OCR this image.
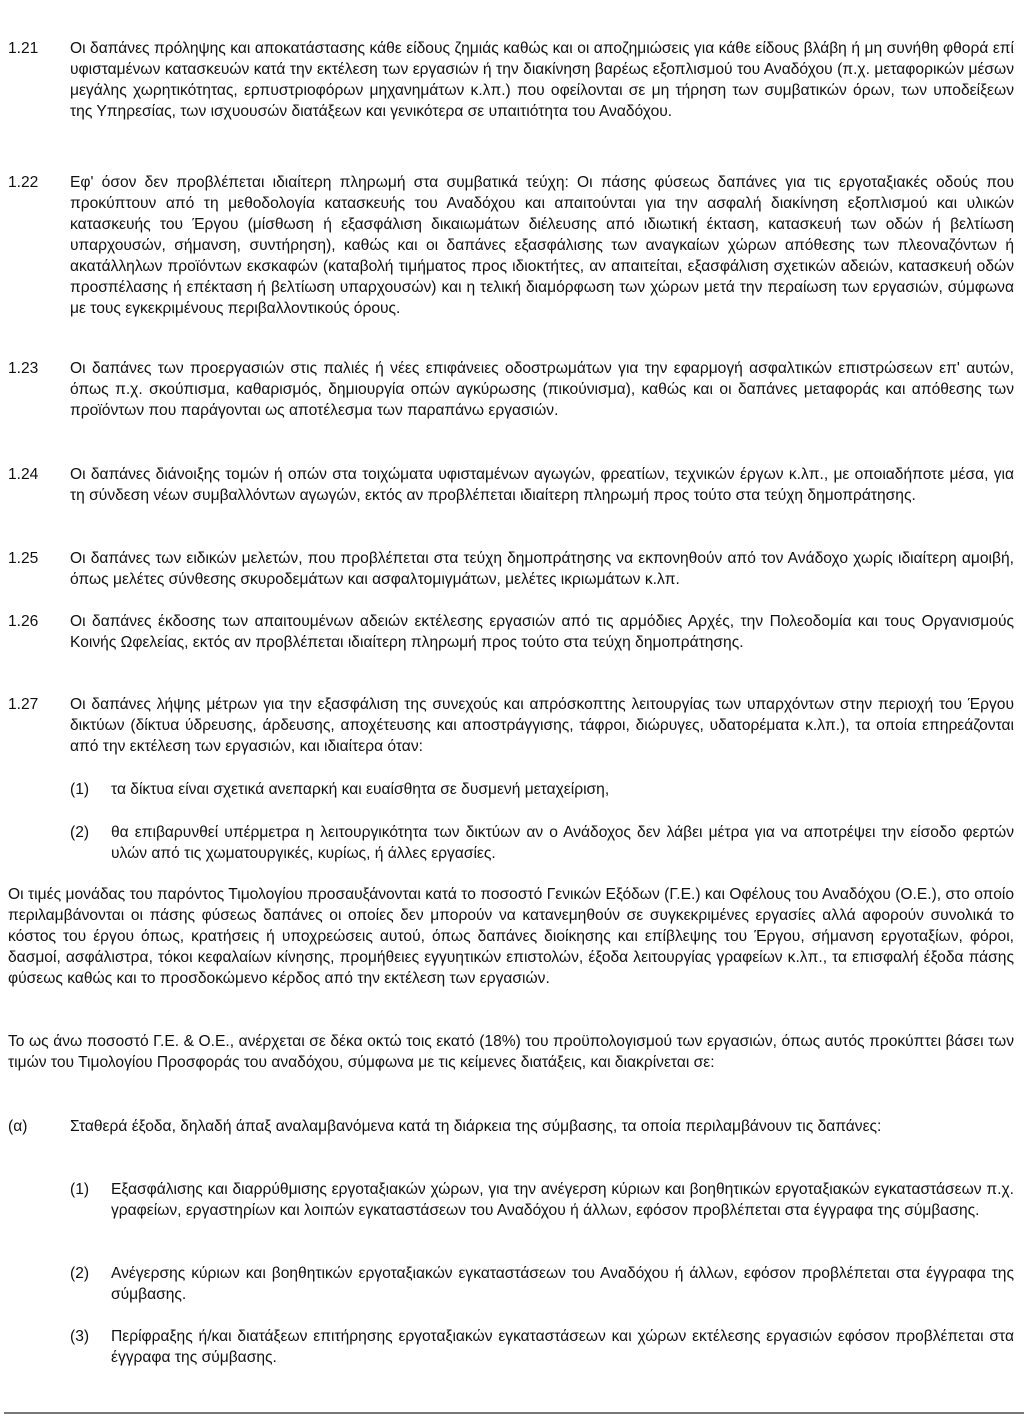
1.21 Οι δαπάνες πρόληψης και αποκατάστασης κάθε είδους ζημιάς καθώς και οι αποζημιώσεις για κάθε είδους βλάβη ή μη συνήθη φθορά επί υφισταμένων κατασκευών κατά την εκτέλεση των εργασιών ή την διακίνηση βαρέως εξοπλισμού του Αναδόχου (π.χ. μεταφορικών μέσων μεγάλης χωρητικότητας, ερπυστριοφόρων μηχανημάτων κ.λπ.) που οφείλονται σε μη τήρηση των συμβατικών όρων, των υποδείξεων της Υπηρεσίας, των ισχυουσών διατάξεων και γενικότερα σε υπαιτιότητα του Αναδόχου.
1.22 Εφ' όσον δεν προβλέπεται ιδιαίτερη πληρωμή στα συμβατικά τεύχη: Οι πάσης φύσεως δαπάνες για τις εργοταξιακές οδούς που προκύπτουν από τη μεθοδολογία κατασκευής του Αναδόχου και απαιτούνται για την ασφαλή διακίνηση εξοπλισμού και υλικών κατασκευής του Έργου (μίσθωση ή εξασφάλιση δικαιωμάτων διέλευσης από ιδιωτική έκταση, κατασκευή των οδών ή βελτίωση υπαρχουσών, σήμανση, συντήρηση), καθώς και οι δαπάνες εξασφάλισης των αναγκαίων χώρων απόθεσης των πλεοναζόντων ή ακατάλληλων προϊόντων εκσκαφών (καταβολή τιμήματος προς ιδιοκτήτες, αν απαιτείται, εξασφάλιση σχετικών αδειών, κατασκευή οδών προσπέλασης ή επέκταση ή βελτίωση υπαρχουσών) και η τελική διαμόρφωση των χώρων μετά την περαίωση των εργασιών, σύμφωνα με τους εγκεκριμένους περιβαλλοντικούς όρους.
1.23 Οι δαπάνες των προεργασιών στις παλιές ή νέες επιφάνειες οδοστρωμάτων για την εφαρμογή ασφαλτικών επιστρώσεων επ' αυτών, όπως π.χ. σκούπισμα, καθαρισμός, δημιουργία οπών αγκύρωσης (πικούνισμα), καθώς και οι δαπάνες μεταφοράς και απόθεσης των προϊόντων που παράγονται ως αποτέλεσμα των παραπάνω εργασιών.
1.24 Οι δαπάνες διάνοιξης τομών ή οπών στα τοιχώματα υφισταμένων αγωγών, φρεατίων, τεχνικών έργων κ.λπ., με οποιαδήποτε μέσα, για τη σύνδεση νέων συμβαλλόντων αγωγών, εκτός αν προβλέπεται ιδιαίτερη πληρωμή προς τούτο στα τεύχη δημοπράτησης.
1.25 Οι δαπάνες των ειδικών μελετών, που προβλέπεται στα τεύχη δημοπράτησης να εκπονηθούν από τον Ανάδοχο χωρίς ιδιαίτερη αμοιβή, όπως μελέτες σύνθεσης σκυροδεμάτων και ασφαλτομιγμάτων, μελέτες ικριωμάτων κ.λπ.
1.26 Οι δαπάνες έκδοσης των απαιτουμένων αδειών εκτέλεσης εργασιών από τις αρμόδιες Αρχές, την Πολεοδομία και τους Οργανισμούς Κοινής Ωφελείας, εκτός αν προβλέπεται ιδιαίτερη πληρωμή προς τούτο στα τεύχη δημοπράτησης.
1.27 Οι δαπάνες λήψης μέτρων για την εξασφάλιση της συνεχούς και απρόσκοπτης λειτουργίας των υπαρχόντων στην περιοχή του Έργου δικτύων (δίκτυα ύδρευσης, άρδευσης, αποχέτευσης και αποστράγγισης, τάφροι, διώρυγες, υδατορέματα κ.λπ.), τα οποία επηρεάζονται από την εκτέλεση των εργασιών, και ιδιαίτερα όταν:
(1) τα δίκτυα είναι σχετικά ανεπαρκή και ευαίσθητα σε δυσμενή μεταχείριση,
(2) θα επιβαρυνθεί υπέρμετρα η λειτουργικότητα των δικτύων αν ο Ανάδοχος δεν λάβει μέτρα για να αποτρέψει την είσοδο φερτών υλών από τις χωματουργικές, κυρίως, ή άλλες εργασίες.
Οι τιμές μονάδας του παρόντος Τιμολογίου προσαυξάνονται κατά το ποσοστό Γενικών Εξόδων (Γ.Ε.) και Οφέλους του Αναδόχου (Ο.Ε.), στο οποίο περιλαμβάνονται οι πάσης φύσεως δαπάνες οι οποίες δεν μπορούν να κατανεμηθούν σε συγκεκριμένες εργασίες αλλά αφορούν συνολικά το κόστος του έργου όπως, κρατήσεις ή υποχρεώσεις αυτού, όπως δαπάνες διοίκησης και επίβλεψης του Έργου, σήμανση εργοταξίων, φόροι, δασμοί, ασφάλιστρα, τόκοι κεφαλαίων κίνησης, προμήθειες εγγυητικών επιστολών, έξοδα λειτουργίας γραφείων κ.λπ., τα επισφαλή έξοδα πάσης φύσεως καθώς και το προσδοκώμενο κέρδος από την εκτέλεση των εργασιών.
Το ως άνω ποσοστό Γ.Ε. & Ο.Ε., ανέρχεται σε δέκα οκτώ τοις εκατό (18%) του προϋπολογισμού των εργασιών, όπως αυτός προκύπτει βάσει των τιμών του Τιμολογίου Προσφοράς του αναδόχου, σύμφωνα με τις κείμενες διατάξεις, και διακρίνεται σε:
(α)	Σταθερά έξοδα, δηλαδή άπαξ αναλαμβανόμενα κατά τη διάρκεια της σύμβασης, τα οποία περιλαμβάνουν τις δαπάνες:
(1) Εξασφάλισης και διαρρύθμισης εργοταξιακών χώρων, για την ανέγερση κύριων και βοηθητικών εργοταξιακών εγκαταστάσεων π.χ. γραφείων, εργαστηρίων και λοιπών εγκαταστάσεων του Αναδόχου ή άλλων, εφόσον προβλέπεται στα έγγραφα της σύμβασης.
(2) Ανέγερσης κύριων και βοηθητικών εργοταξιακών εγκαταστάσεων του Αναδόχου ή άλλων, εφόσον προβλέπεται στα έγγραφα της σύμβασης.
(3) Περίφραξης ή/και διατάξεων επιτήρησης εργοταξιακών εγκαταστάσεων και χώρων εκτέλεσης εργασιών εφόσον προβλέπεται στα έγγραφα της σύμβασης.
